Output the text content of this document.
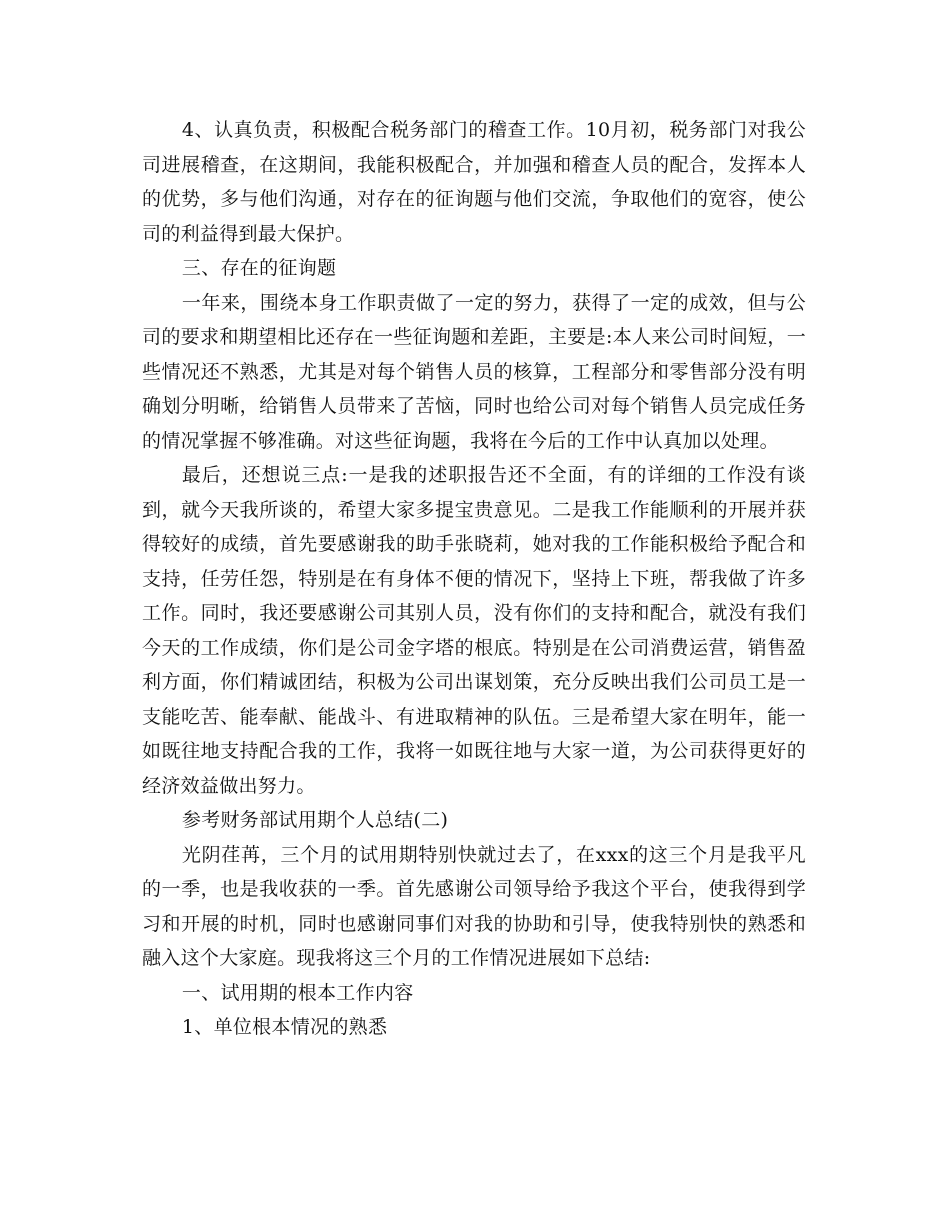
4、认真负责，积极配合税务部门的稽查工作。10月初，税务部门对我公司进展稽查，在这期间，我能积极配合，并加强和稽查人员的配合，发挥本人的优势，多与他们沟通，对存在的征询题与他们交流，争取他们的宽容，使公司的利益得到最大保护。

三、存在的征询题

一年来，围绕本身工作职责做了一定的努力，获得了一定的成效，但与公司的要求和期望相比还存在一些征询题和差距，主要是:本人来公司时间短，一些情况还不熟悉，尤其是对每个销售人员的核算，工程部分和零售部分没有明确划分明晰，给销售人员带来了苦恼，同时也给公司对每个销售人员完成任务的情况掌握不够准确。对这些征询题，我将在今后的工作中认真加以处理。

最后，还想说三点:一是我的述职报告还不全面，有的详细的工作没有谈到，就今天我所谈的，希望大家多提宝贵意见。二是我工作能顺利的开展并获得较好的成绩，首先要感谢我的助手张晓莉，她对我的工作能积极给予配合和支持，任劳任怨，特别是在有身体不便的情况下，坚持上下班，帮我做了许多工作。同时，我还要感谢公司其别人员，没有你们的支持和配合，就没有我们今天的工作成绩，你们是公司金字塔的根底。特别是在公司消费运营，销售盈利方面，你们精诚团结，积极为公司出谋划策，充分反映出我们公司员工是一支能吃苦、能奉献、能战斗、有进取精神的队伍。三是希望大家在明年，能一如既往地支持配合我的工作，我将一如既往地与大家一道，为公司获得更好的经济效益做出努力。

参考财务部试用期个人总结(二)

光阴荏苒，三个月的试用期特别快就过去了，在xxx的这三个月是我平凡的一季，也是我收获的一季。首先感谢公司领导给予我这个平台，使我得到学习和开展的时机，同时也感谢同事们对我的协助和引导，使我特别快的熟悉和融入这个大家庭。现我将这三个月的工作情况进展如下总结:

一、试用期的根本工作内容

1、单位根本情况的熟悉
